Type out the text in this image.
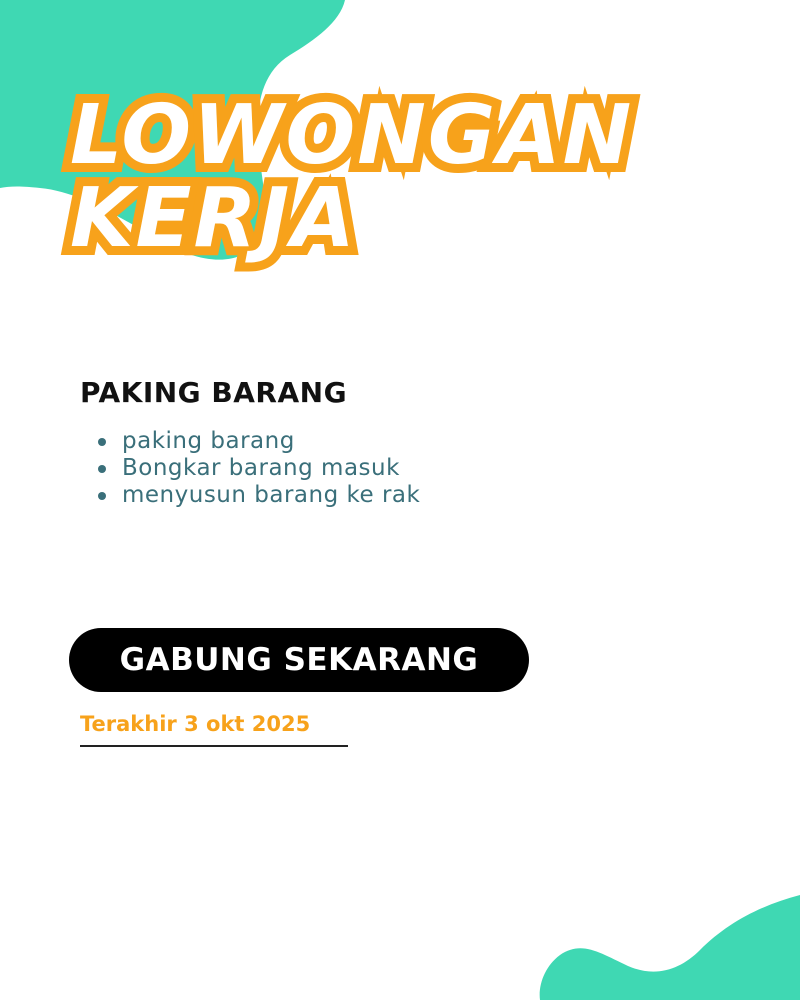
LOWONGAN
KERJA
PAKING BARANG
paking barang
Bongkar barang masuk
menyusun barang ke rak
GABUNG SEKARANG

Terakhir 3 okt 2025
